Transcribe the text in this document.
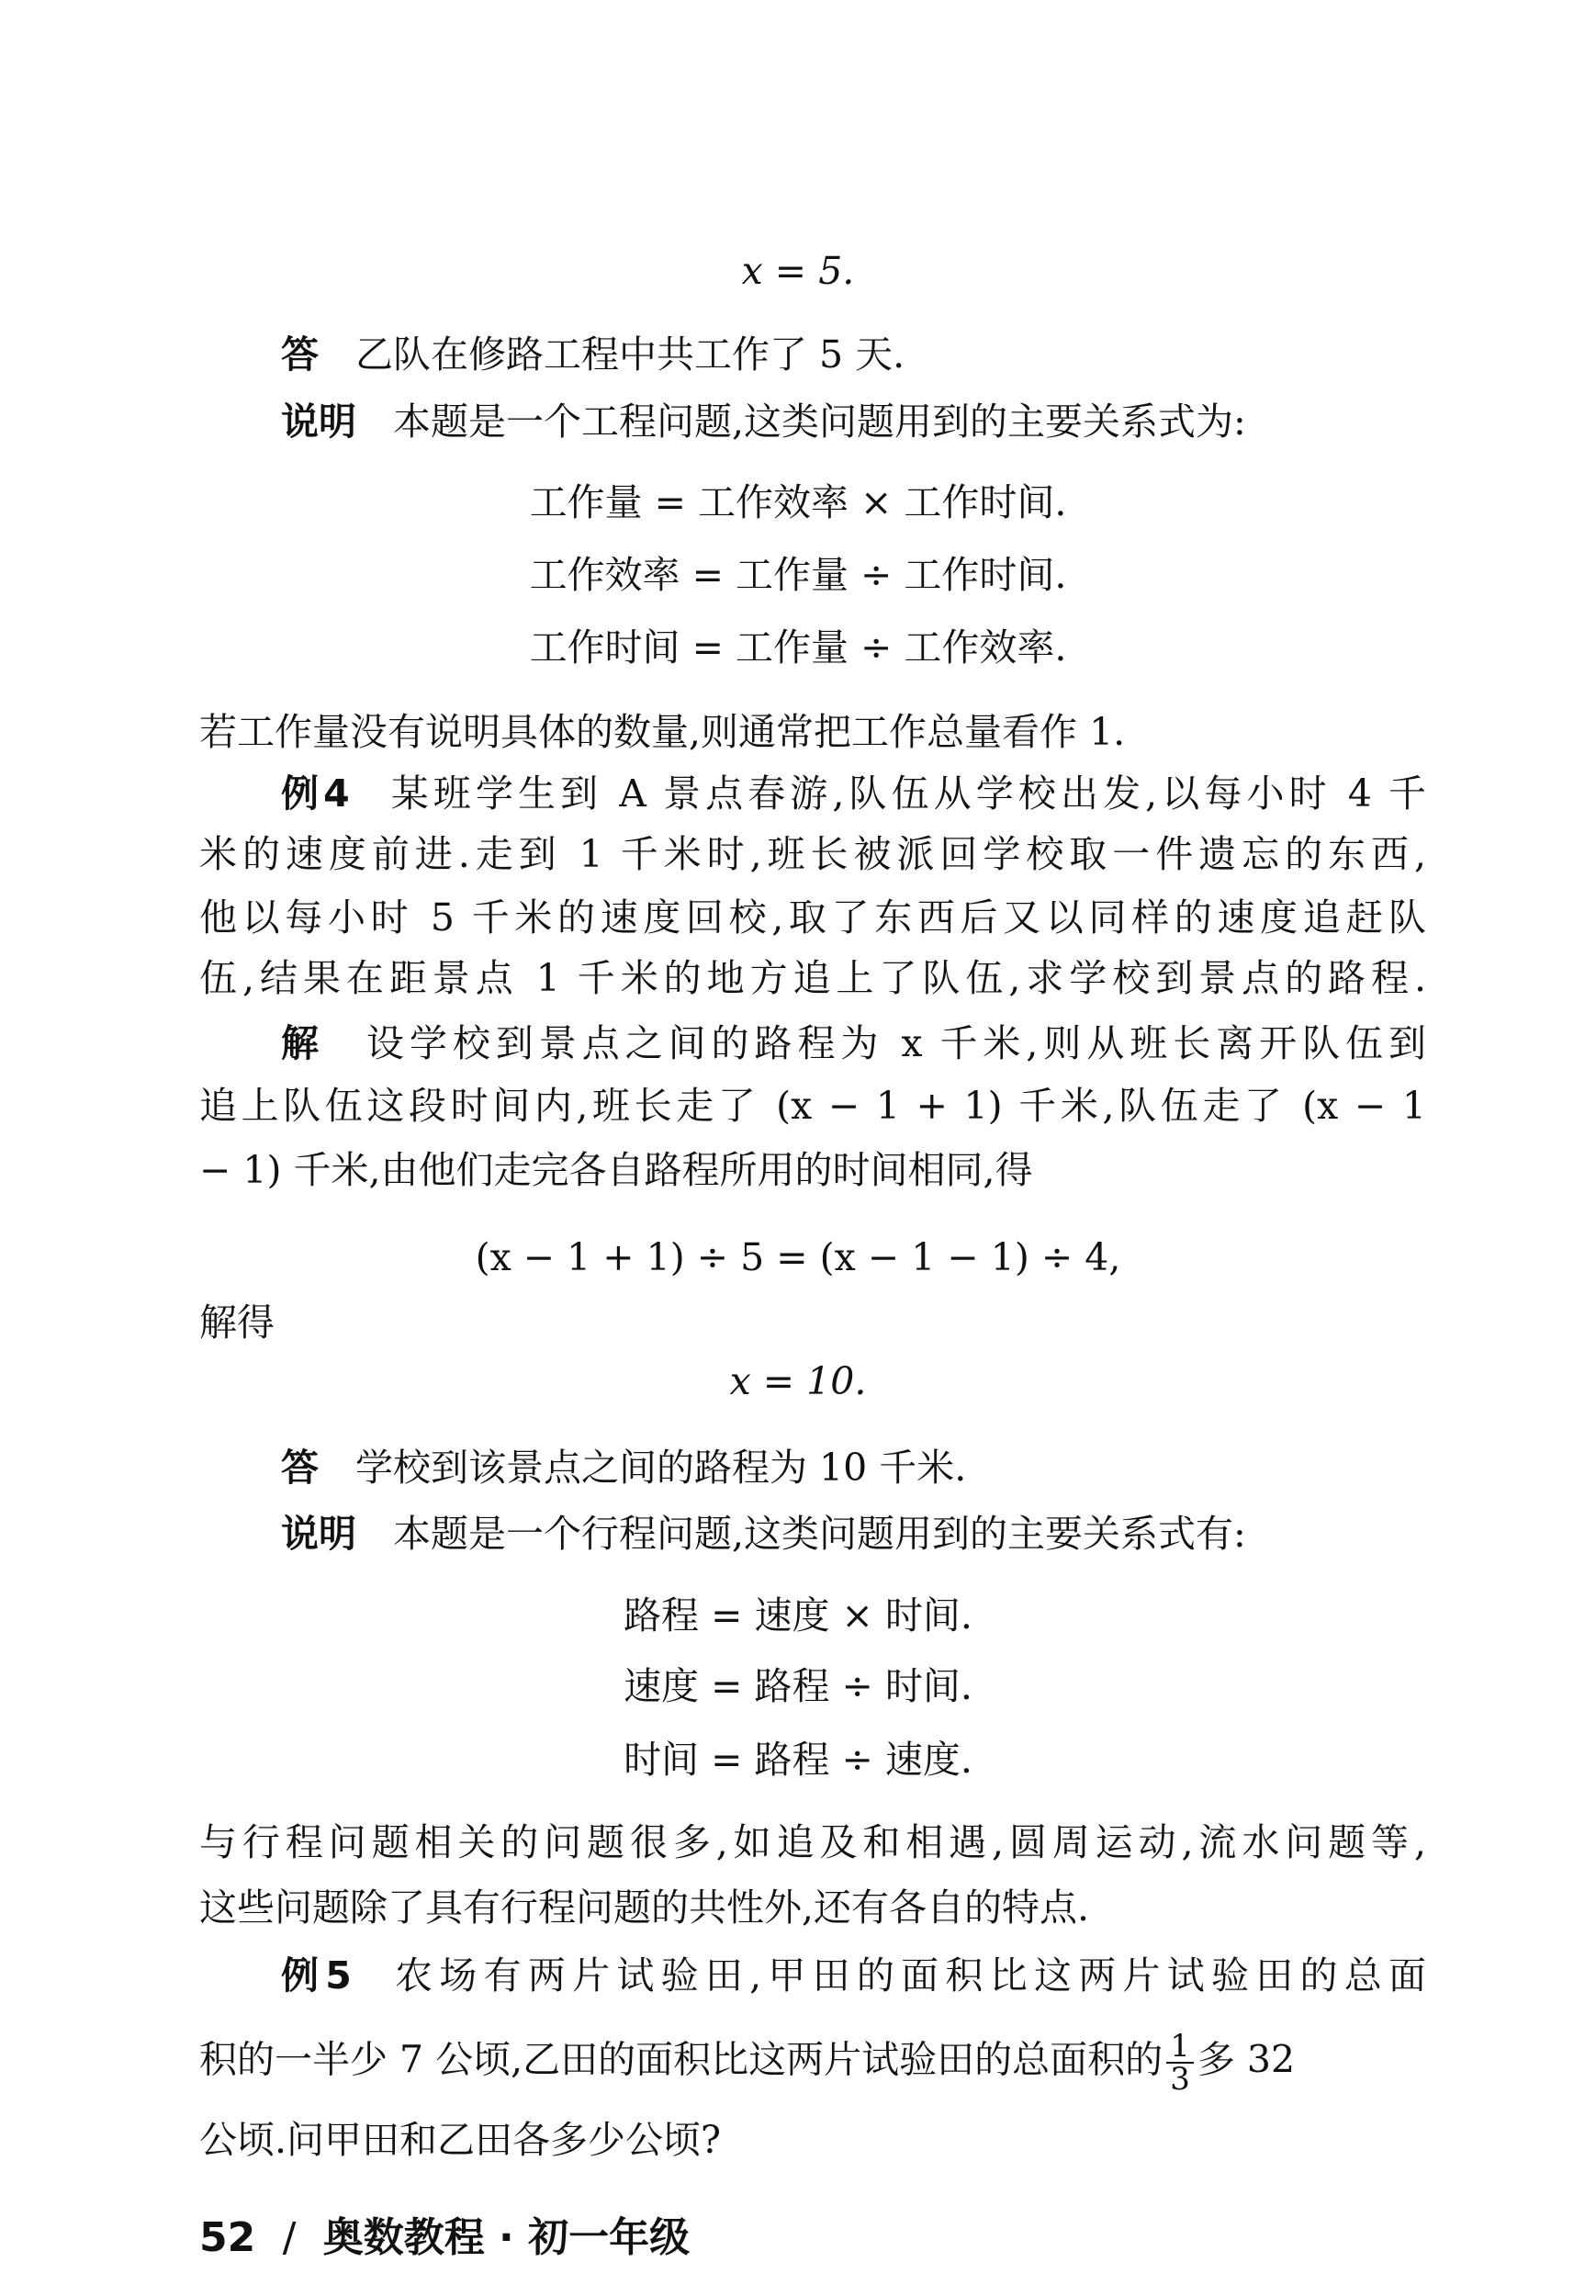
x = 5.
答 乙队在修路工程中共工作了 5 天.
说明 本题是一个工程问题,这类问题用到的主要关系式为:
工作量 = 工作效率 × 工作时间.
工作效率 = 工作量 ÷ 工作时间.
工作时间 = 工作量 ÷ 工作效率.
若工作量没有说明具体的数量,则通常把工作总量看作 1.
例4 某班学生到 A 景点春游,队伍从学校出发,以每小时 4 千
米的速度前进.走到 1 千米时,班长被派回学校取一件遗忘的东西,
他以每小时 5 千米的速度回校,取了东西后又以同样的速度追赶队
伍,结果在距景点 1 千米的地方追上了队伍,求学校到景点的路程.
解 设学校到景点之间的路程为 x 千米,则从班长离开队伍到
追上队伍这段时间内,班长走了 (x − 1 + 1) 千米,队伍走了 (x − 1
− 1) 千米,由他们走完各自路程所用的时间相同,得
(x − 1 + 1) ÷ 5 = (x − 1 − 1) ÷ 4,
解得
x = 10.
答 学校到该景点之间的路程为 10 千米.
说明 本题是一个行程问题,这类问题用到的主要关系式有:
路程 = 速度 × 时间.
速度 = 路程 ÷ 时间.
时间 = 路程 ÷ 速度.
与行程问题相关的问题很多,如追及和相遇,圆周运动,流水问题等,
这些问题除了具有行程问题的共性外,还有各自的特点.
例5 农场有两片试验田,甲田的面积比这两片试验田的总面
积的一半少 7 公顷,乙田的面积比这两片试验田的总面积的 $\frac{1}{3}$ 多 32
公顷.问甲田和乙田各多少公顷?
52 / 奥数教程 · 初一年级
